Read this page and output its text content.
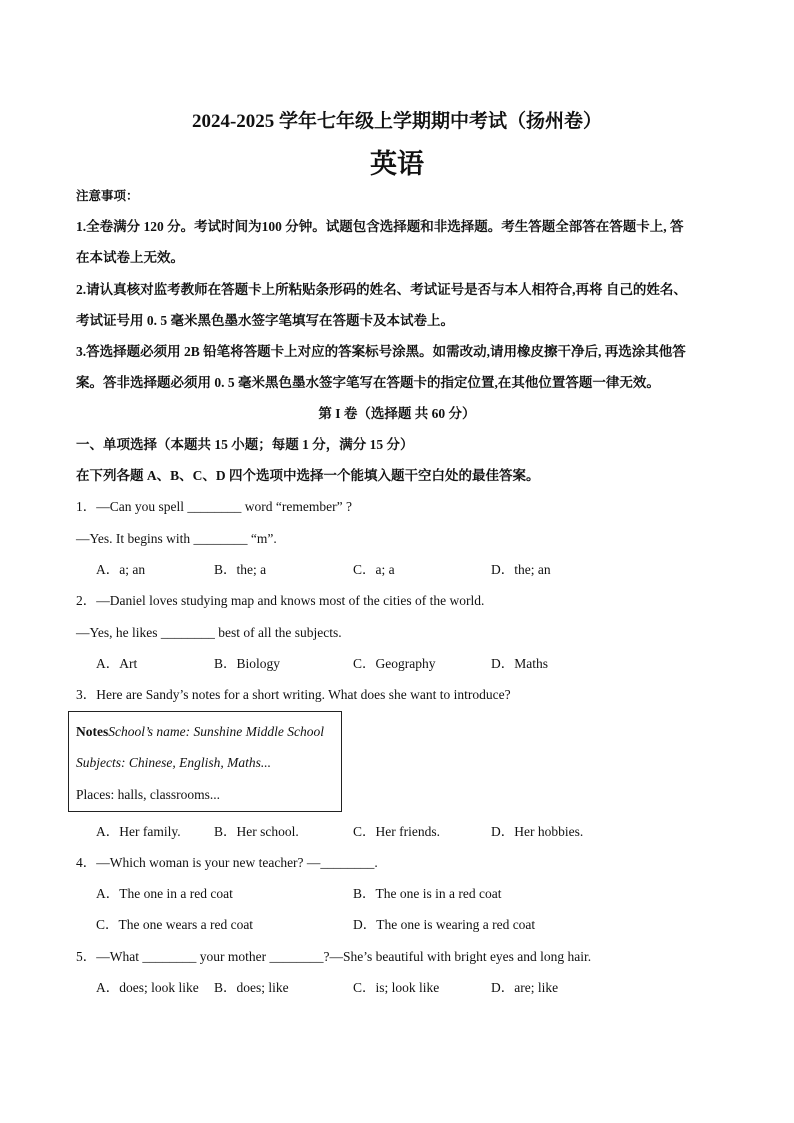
2024-2025 学年七年级上学期期中考试（扬州卷）
英语
注意事项：
1.全卷满分 120 分。考试时间为100 分钟。试题包含选择题和非选择题。考生答题全部答在答题卡上, 答
在本试卷上无效。
2.请认真核对监考教师在答题卡上所粘贴条形码的姓名、考试证号是否与本人相符合,再将 自己的姓名、
考试证号用 0. 5 毫米黑色墨水签字笔填写在答题卡及本试卷上。
3.答选择题必须用 2B 铅笔将答题卡上对应的答案标号涂黑。如需改动,请用橡皮擦干净后, 再选涂其他答
案。答非选择题必须用 0. 5 毫米黑色墨水签字笔写在答题卡的指定位置,在其他位置答题一律无效。
第 I 卷（选择题 共 60 分）
一、单项选择（本题共 15 小题；每题 1 分，满分 15 分）
在下列各题 A、B、C、D 四个选项中选择一个能填入题干空白处的最佳答案。
1．—Can you spell ________ word “remember” ?
—Yes. It begins with ________ “m”.
A．a; an	B．the; a	C．a; a	D．the; an
2．—Daniel loves studying map and knows most of the cities of the world.
—Yes, he likes ________ best of all the subjects.
A．Art	B．Biology	C．Geography	D．Maths
3．Here are Sandy’s notes for a short writing. What does she want to introduce?
NotesSchool’s name: Sunshine Middle School
Subjects: Chinese, English, Maths...
Places: halls, classrooms...
A．Her family. B．Her school.	C．Her friends.	D．Her hobbies.
4．—Which woman is your new teacher? —________.
A．The one in a red coat	B．The one is in a red coat
C．The one wears a red coat	D．The one is wearing a red coat
5．—What ________ your mother ________?—She’s beautiful with bright eyes and long hair.
A．does; look like B．does; like	C．is; look like	D．are; like
